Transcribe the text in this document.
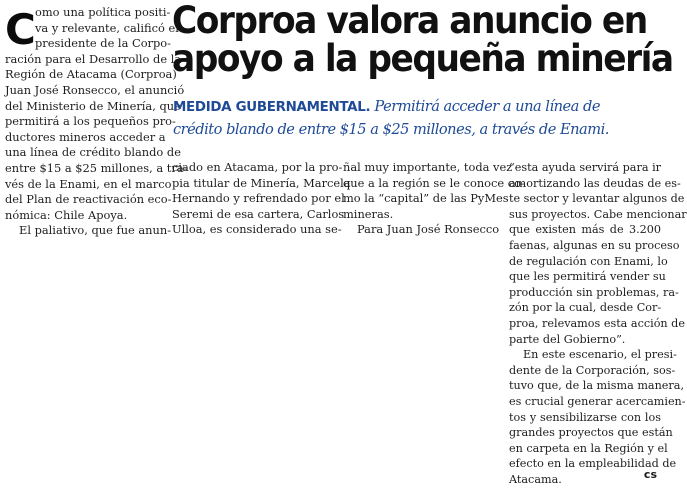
C omo una política positi-
va y relevante, calificó el
presidente de la Corpo-
ración para el Desarrollo de la
Región de Atacama (Corproa)
Juan José Ronsecco, el anunció
del Ministerio de Minería, que
permitirá a los pequeños pro-
ductores mineros acceder a
una línea de crédito blando de
entre $15 a $25 millones, a tra-
vés de la Enami, en el marco
del Plan de reactivación eco-
nómica: Chile Apoya.

El paliativo, que fue anun-

Corproa valora anuncio en
apoyo a la pequeña minería
MEDIDA GUBERNAMENTAL. Permitirá acceder a una línea de
crédito blando de entre $15 a $25 millones, a través de Enami.

ciado en Atacama, por la pro-
pia titular de Minería, Marcela
Hernando y refrendado por el
Seremi de esa cartera, Carlos
Ulloa, es considerado una se-

ñal muy importante, toda vez
que a la región se le conoce co-
mo la “capital” de las PyMes
mineras.

Para Juan José Ronsecco

“esta ayuda servirá para ir
amortizando las deudas de es-
te sector y levantar algunos de
sus proyectos. Cabe mencionar
que existen más de 3.200
faenas, algunas en su proceso
de regulación con Enami, lo
que les permitirá vender su
producción sin problemas, ra-
zón por la cual, desde Cor-
proa, relevamos esta acción de
parte del Gobierno”.

En este escenario, el presi-
dente de la Corporación, sos-
tuvo que, de la misma manera,
es crucial generar acercamien-
tos y sensibilizarse con los
grandes proyectos que están
en carpeta en la Región y el
efecto en la empleabilidad de
Atacama.	cs
